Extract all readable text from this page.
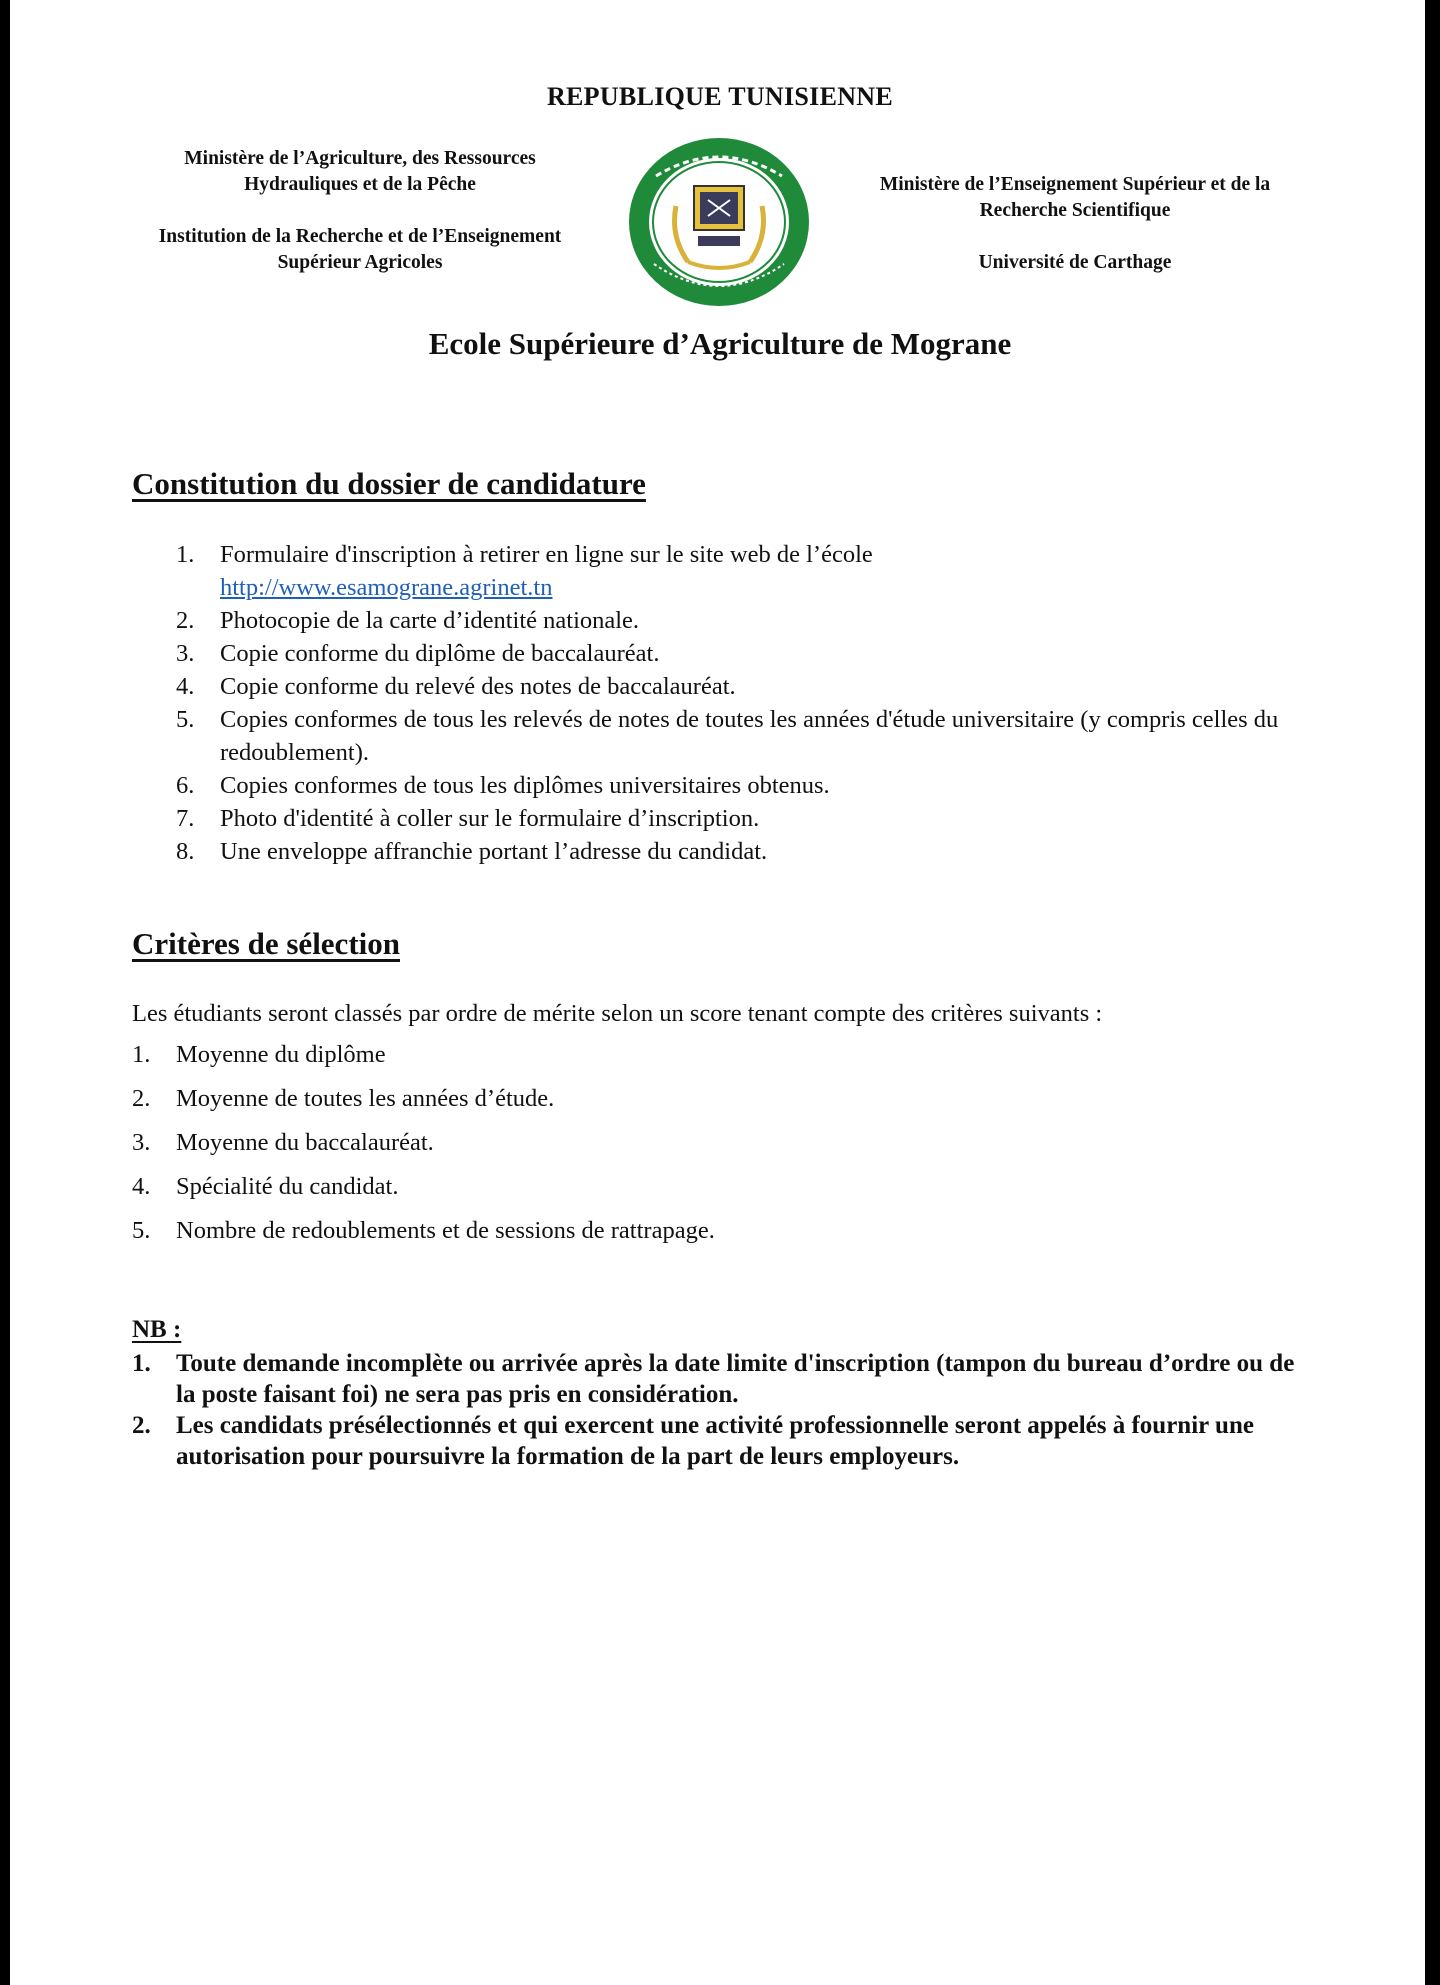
REPUBLIQUE TUNISIENNE
Ministère de l’Agriculture, des Ressources
Hydrauliques et de la Pêche
Institution de la Recherche et de l’Enseignement
Supérieur Agricoles
Ministère de l’Enseignement Supérieur et de la
Recherche Scientifique
Université de Carthage
Ecole Supérieure d’Agriculture de Mograne
Constitution du dossier de candidature
1. Formulaire d'inscription à retirer en ligne sur le site web de l’école
http://www.esamograne.agrinet.tn
2. Photocopie de la carte d’identité nationale.
3. Copie conforme du diplôme de baccalauréat.
4. Copie conforme du relevé des notes de baccalauréat.
5. Copies conformes de tous les relevés de notes de toutes les années d'étude universitaire (y compris celles du redoublement).
6. Copies conformes de tous les diplômes universitaires obtenus.
7. Photo d'identité à coller sur le formulaire d’inscription.
8. Une enveloppe affranchie portant l’adresse du candidat.
Critères de sélection
Les étudiants seront classés par ordre de mérite selon un score tenant compte des critères suivants :
1. Moyenne du diplôme
2. Moyenne de toutes les années d’étude.
3. Moyenne du baccalauréat.
4. Spécialité du candidat.
5. Nombre de redoublements et de sessions de rattrapage.
NB :
1. Toute demande incomplète ou arrivée après la date limite d'inscription (tampon du bureau d’ordre ou de la poste faisant foi) ne sera pas pris en considération.
2. Les candidats présélectionnés et qui exercent une activité professionnelle seront appelés à fournir une autorisation pour poursuivre la formation de la part de leurs employeurs.
